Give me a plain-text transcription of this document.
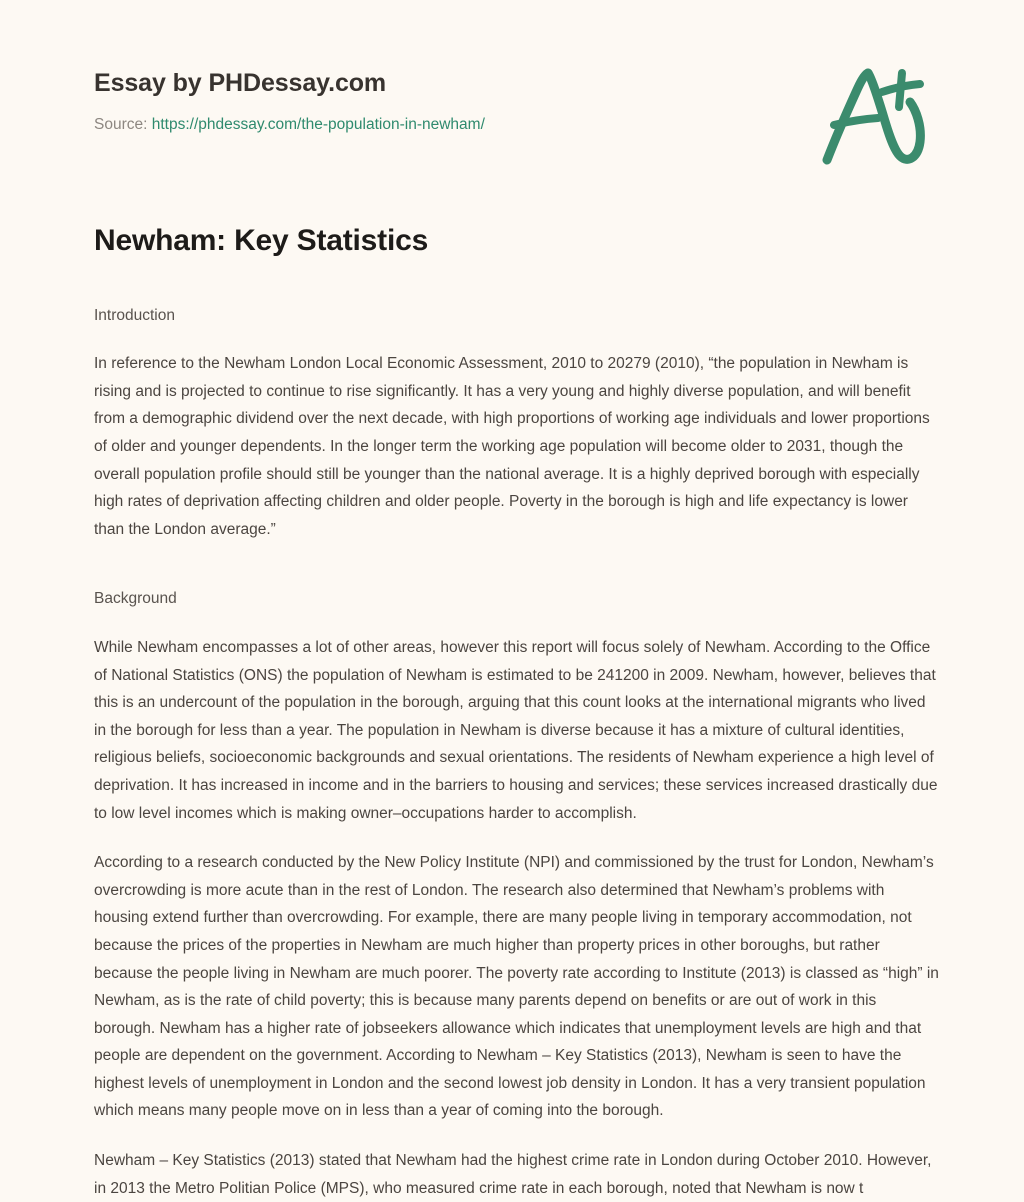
Essay by PHDessay.com
Source: https://phdessay.com/the-population-in-newham/
Newham: Key Statistics
Introduction

In reference to the Newham London Local Economic Assessment, 2010 to 20279 (2010), “the population in Newham is rising and is projected to continue to rise significantly. It has a very young and highly diverse population, and will benefit from a demographic dividend over the next decade, with high proportions of working age individuals and lower proportions of older and younger dependents. In the longer term the working age population will become older to 2031, though the overall population profile should still be younger than the national average. It is a highly deprived borough with especially high rates of deprivation affecting children and older people. Poverty in the borough is high and life expectancy is lower than the London average.”

Background

While Newham encompasses a lot of other areas, however this report will focus solely of Newham. According to the Office of National Statistics (ONS) the population of Newham is estimated to be 241200 in 2009. Newham, however, believes that this is an undercount of the population in the borough, arguing that this count looks at the international migrants who lived in the borough for less than a year. The population in Newham is diverse because it has a mixture of cultural identities, religious beliefs, socioeconomic backgrounds and sexual orientations. The residents of Newham experience a high level of deprivation. It has increased in income and in the barriers to housing and services; these services increased drastically due to low level incomes which is making owner–occupations harder to accomplish.

According to a research conducted by the New Policy Institute (NPI) and commissioned by the trust for London, Newham’s overcrowding is more acute than in the rest of London. The research also determined that Newham’s problems with housing extend further than overcrowding. For example, there are many people living in temporary accommodation, not because the prices of the properties in Newham are much higher than property prices in other boroughs, but rather because the people living in Newham are much poorer. The poverty rate according to Institute (2013) is classed as “high” in Newham, as is the rate of child poverty; this is because many parents depend on benefits or are out of work in this borough. Newham has a higher rate of jobseekers allowance which indicates that unemployment levels are high and that people are dependent on the government. According to Newham – Key Statistics (2013), Newham is seen to have the highest levels of unemployment in London and the second lowest job density in London. It has a very transient population which means many people move on in less than a year of coming into the borough.

Newham – Key Statistics (2013) stated that Newham had the highest crime rate in London during October 2010. However, in 2013 the Metro Politian Police (MPS), who measured crime rate in each borough, noted that Newham is now t
